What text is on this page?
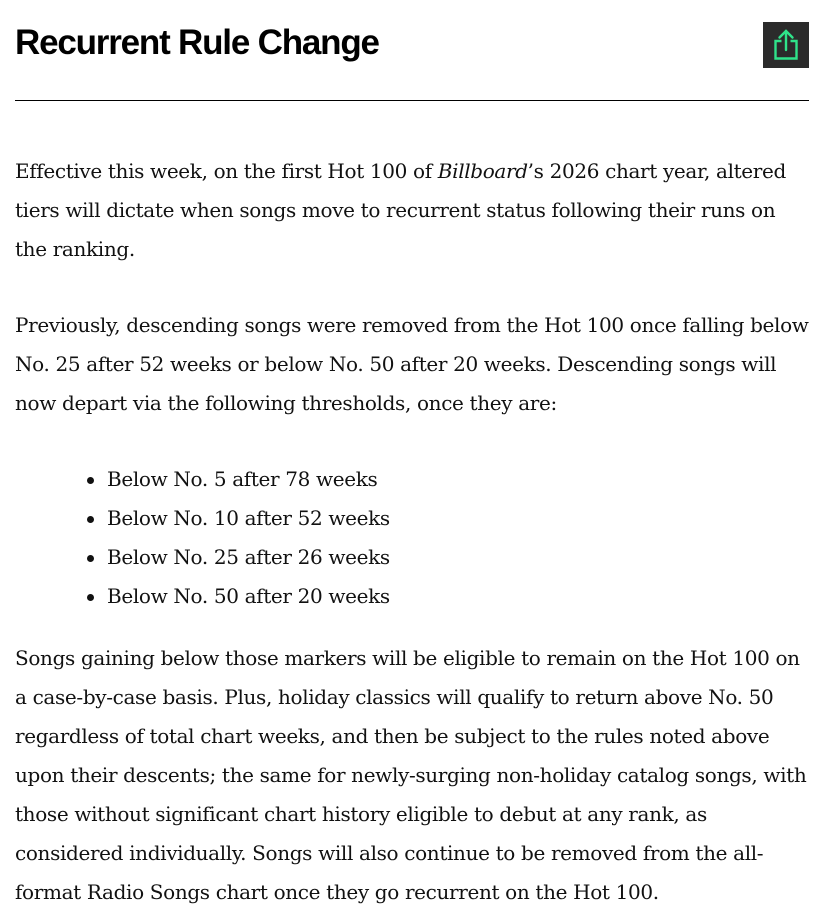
Recurrent Rule Change

Effective this week, on the first Hot 100 of Billboard’s 2026 chart year, altered tiers will dictate when songs move to recurrent status following their runs on the ranking.

Previously, descending songs were removed from the Hot 100 once falling below No. 25 after 52 weeks or below No. 50 after 20 weeks. Descending songs will now depart via the following thresholds, once they are:

Below No. 5 after 78 weeks
Below No. 10 after 52 weeks
Below No. 25 after 26 weeks
Below No. 50 after 20 weeks

Songs gaining below those markers will be eligible to remain on the Hot 100 on a case-by-case basis. Plus, holiday classics will qualify to return above No. 50 regardless of total chart weeks, and then be subject to the rules noted above upon their descents; the same for newly-surging non-holiday catalog songs, with those without significant chart history eligible to debut at any rank, as considered individually. Songs will also continue to be removed from the all-format Radio Songs chart once they go recurrent on the Hot 100.
